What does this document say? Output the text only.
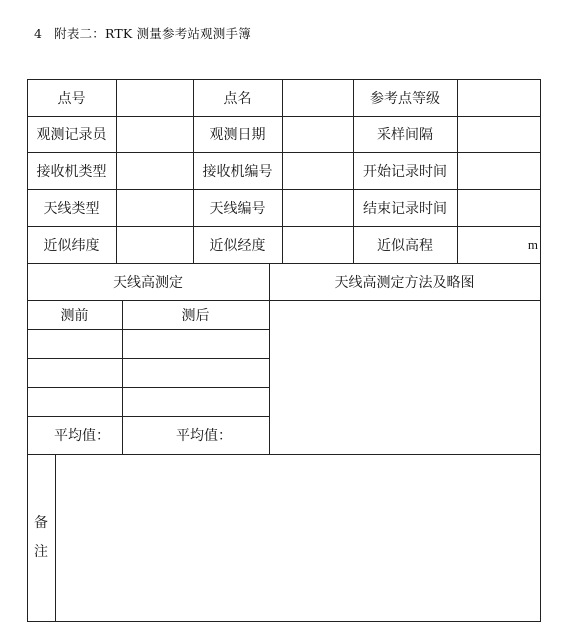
4 附表二：RTK 测量参考站观测手簿
点号	点名	参考点等级
观测记录员	观测日期	采样间隔
接收机类型	接收机编号	开始记录时间
天线类型	天线编号	结束记录时间
近似纬度	近似经度	近似高程	m
天线高测定	天线高测定方法及略图
测前	测后
平均值：	平均值：
备
注
